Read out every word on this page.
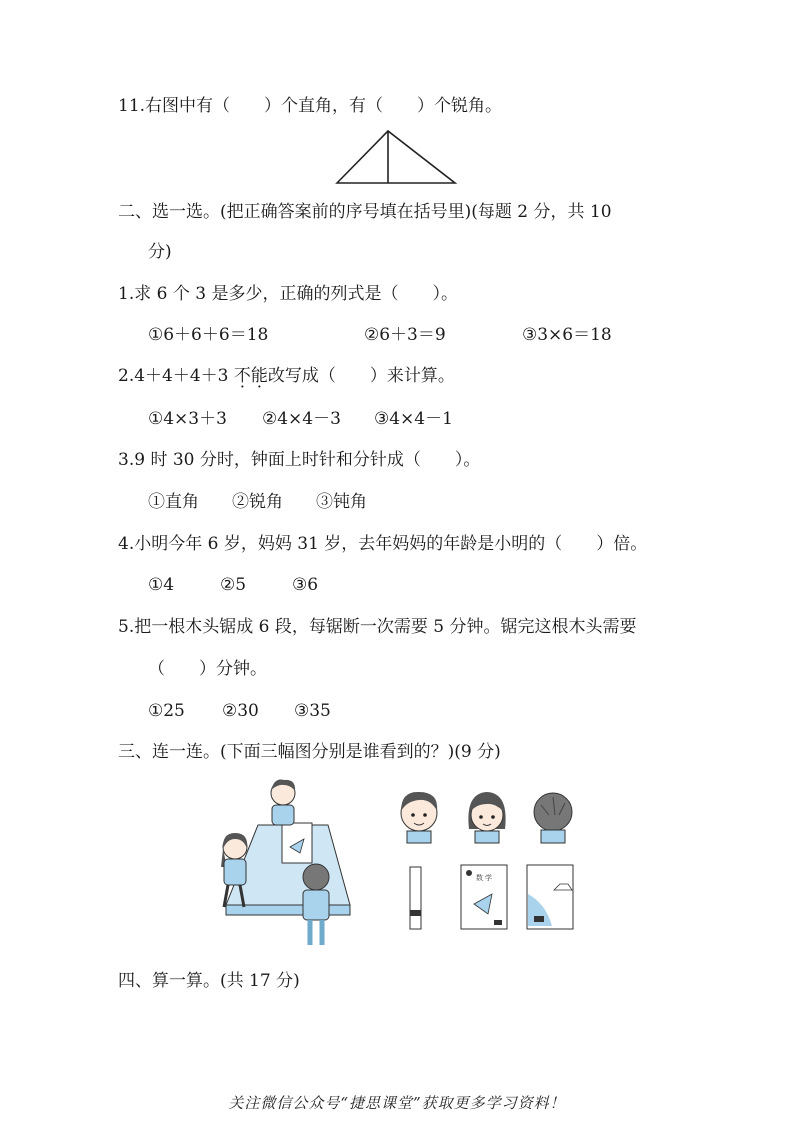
11.右图中有（　　）个直角，有（　　）个锐角。
二、选一选。(把正确答案前的序号填在括号里)(每题 2 分，共 10
分)
1.求 6 个 3 是多少，正确的列式是（　　）。
①6＋6＋6＝18	②6＋3＝9	③3×6＝18
2.4＋4＋4＋3 不能改写成（　　）来计算。
①4×3＋3 ②4×4－3 ③4×4－1
3.9 时 30 分时，钟面上时针和分针成（　　）。
①直角 ②锐角 ③钝角
4.小明今年 6 岁，妈妈 31 岁，去年妈妈的年龄是小明的（　　）倍。
①4	②5	③6
5.把一根木头锯成 6 段，每锯断一次需要 5 分钟。锯完这根木头需要
（　　）分钟。
①25 ②30 ③35
三、连一连。(下面三幅图分别是谁看到的？)(9 分)
数 学
四、算一算。(共 17 分)
关注微信公众号“捷思课堂”获取更多学习资料！
